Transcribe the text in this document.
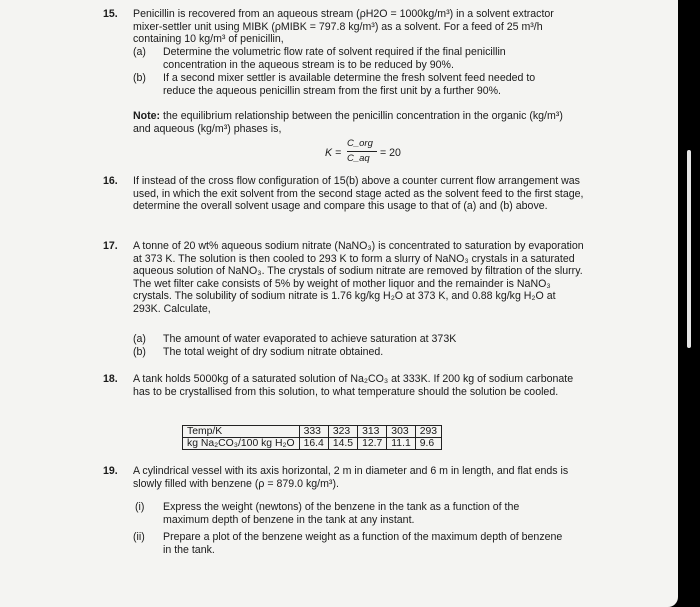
15. Penicillin is recovered from an aqueous stream (ρH2O = 1000kg/m³) in a solvent extractor mixer-settler unit using MIBK (ρMIBK = 797.8 kg/m³) as a solvent. For a feed of 25 m³/h containing 10 kg/m³ of penicillin,
(a) Determine the volumetric flow rate of solvent required if the final penicillin concentration in the aqueous stream is to be reduced by 90%.
(b) If a second mixer settler is available determine the fresh solvent feed needed to reduce the aqueous penicillin stream from the first unit by a further 90%.
Note: the equilibrium relationship between the penicillin concentration in the organic (kg/m³) and aqueous (kg/m³) phases is,
K =
C_org
C_aq = 20
16. If instead of the cross flow configuration of 15(b) above a counter current flow arrangement was used, in which the exit solvent from the second stage acted as the solvent feed to the first stage, determine the overall solvent usage and compare this usage to that of (a) and (b) above.
17. A tonne of 20 wt% aqueous sodium nitrate (NaNO₃) is concentrated to saturation by evaporation at 373 K. The solution is then cooled to 293 K to form a slurry of NaNO₃ crystals in a saturated aqueous solution of NaNO₃. The crystals of sodium nitrate are removed by filtration of the slurry. The wet filter cake consists of 5% by weight of mother liquor and the remainder is NaNO₃ crystals. The solubility of sodium nitrate is 1.76 kg/kg H₂O at 373 K, and 0.88 kg/kg H₂O at 293K. Calculate,
(a) The amount of water evaporated to achieve saturation at 373K
(b) The total weight of dry sodium nitrate obtained.
18. A tank holds 5000kg of a saturated solution of Na₂CO₃ at 333K. If 200 kg of sodium carbonate has to be crystallised from this solution, to what temperature should the solution be cooled.
Temp/K	333	323	313	303	293
kg Na₂CO₃/100 kg H₂O	16.4	14.5	12.7	11.1	9.6
19. A cylindrical vessel with its axis horizontal, 2 m in diameter and 6 m in length, and flat ends is slowly filled with benzene (ρ = 879.0 kg/m³).
(i) Express the weight (newtons) of the benzene in the tank as a function of the maximum depth of benzene in the tank at any instant.
(ii) Prepare a plot of the benzene weight as a function of the maximum depth of benzene in the tank.
